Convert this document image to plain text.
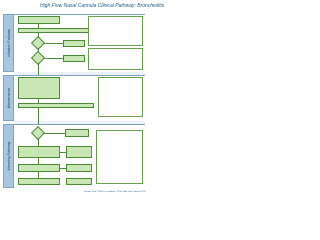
High Flow Nasal Cannula Clinical Pathway: Bronchiolitis
Initiation Pathway
Maintenance
Weaning Pathway
Version Date 7/7/16 Last Update 7/7/16 Valid Until January 2017
